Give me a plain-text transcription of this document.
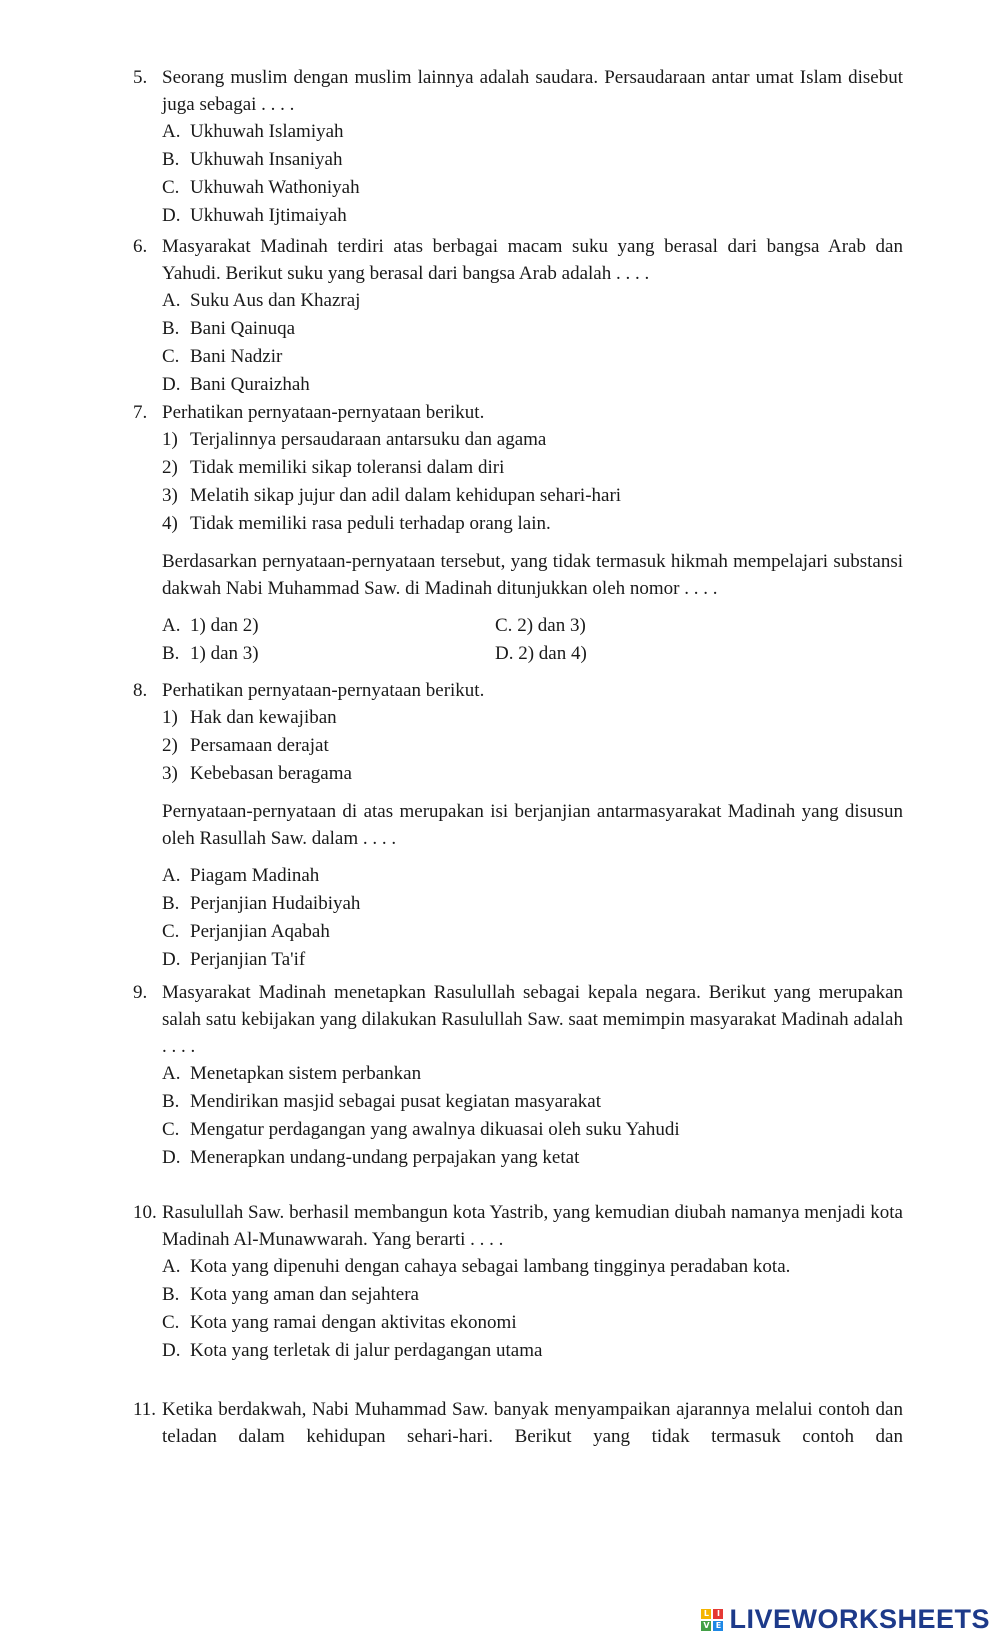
5. Seorang muslim dengan muslim lainnya adalah saudara. Persaudaraan antar umat Islam disebut juga sebagai . . . .
A. Ukhuwah Islamiyah
B. Ukhuwah Insaniyah
C. Ukhuwah Wathoniyah
D. Ukhuwah Ijtimaiyah
6. Masyarakat Madinah terdiri atas berbagai macam suku yang berasal dari bangsa Arab dan Yahudi. Berikut suku yang berasal dari bangsa Arab adalah . . . .
A. Suku Aus dan Khazraj
B. Bani Qainuqa
C. Bani Nadzir
D. Bani Quraizhah
7. Perhatikan pernyataan-pernyataan berikut.
1) Terjalinnya persaudaraan antarsuku dan agama
2) Tidak memiliki sikap toleransi dalam diri
3) Melatih sikap jujur dan adil dalam kehidupan sehari-hari
4) Tidak memiliki rasa peduli terhadap orang lain.
Berdasarkan pernyataan-pernyataan tersebut, yang tidak termasuk hikmah mempelajari substansi dakwah Nabi Muhammad Saw. di Madinah ditunjukkan oleh nomor . . . .
A. 1) dan 2)	C. 2) dan 3)
B. 1) dan 3)	D. 2) dan 4)
8. Perhatikan pernyataan-pernyataan berikut.
1) Hak dan kewajiban
2) Persamaan derajat
3) Kebebasan beragama
Pernyataan-pernyataan di atas merupakan isi berjanjian antarmasyarakat Madinah yang disusun oleh Rasullah Saw. dalam . . . .
A. Piagam Madinah
B. Perjanjian Hudaibiyah
C. Perjanjian Aqabah
D. Perjanjian Ta'if
9. Masyarakat Madinah menetapkan Rasulullah sebagai kepala negara. Berikut yang merupakan salah satu kebijakan yang dilakukan Rasulullah Saw. saat memimpin masyarakat Madinah adalah . . . .
A. Menetapkan sistem perbankan
B. Mendirikan masjid sebagai pusat kegiatan masyarakat
C. Mengatur perdagangan yang awalnya dikuasai oleh suku Yahudi
D. Menerapkan undang-undang perpajakan yang ketat
10. Rasulullah Saw. berhasil membangun kota Yastrib, yang kemudian diubah namanya menjadi kota Madinah Al-Munawwarah. Yang berarti . . . .
A. Kota yang dipenuhi dengan cahaya sebagai lambang tingginya peradaban kota.
B. Kota yang aman dan sejahtera
C. Kota yang ramai dengan aktivitas ekonomi
D. Kota yang terletak di jalur perdagangan utama
11. Ketika berdakwah, Nabi Muhammad Saw. banyak menyampaikan ajarannya melalui contoh dan teladan dalam kehidupan sehari-hari. Berikut yang tidak termasuk contoh dan
L I
V E LIVEWORKSHEETS
